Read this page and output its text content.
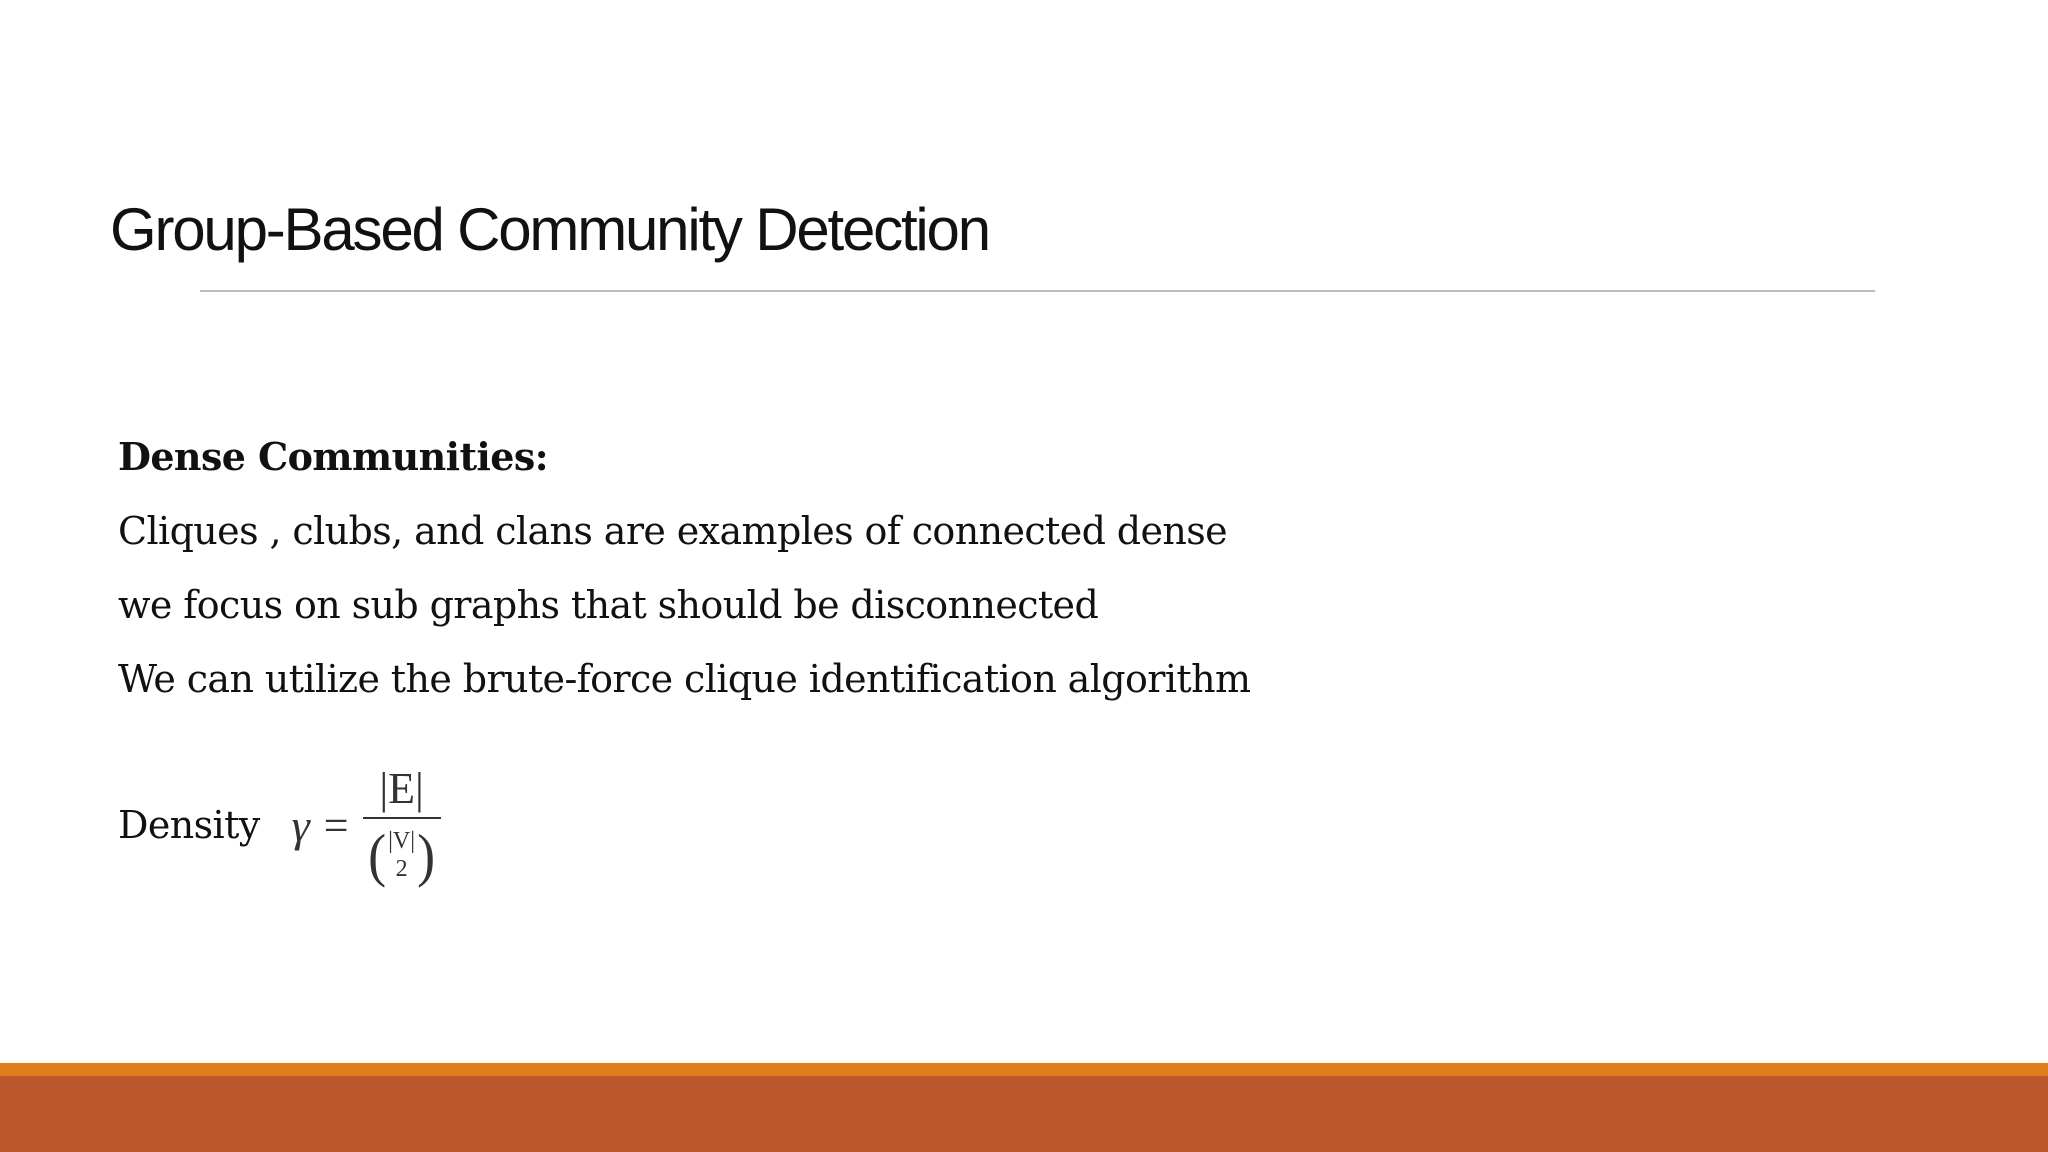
Group-Based Community Detection

Dense Communities:

Cliques , clubs, and clans are examples of connected dense

we focus on sub graphs that should be disconnected

We can utilize the brute-force clique identification algorithm

Density γ =
|E|
( |V|
2 )
